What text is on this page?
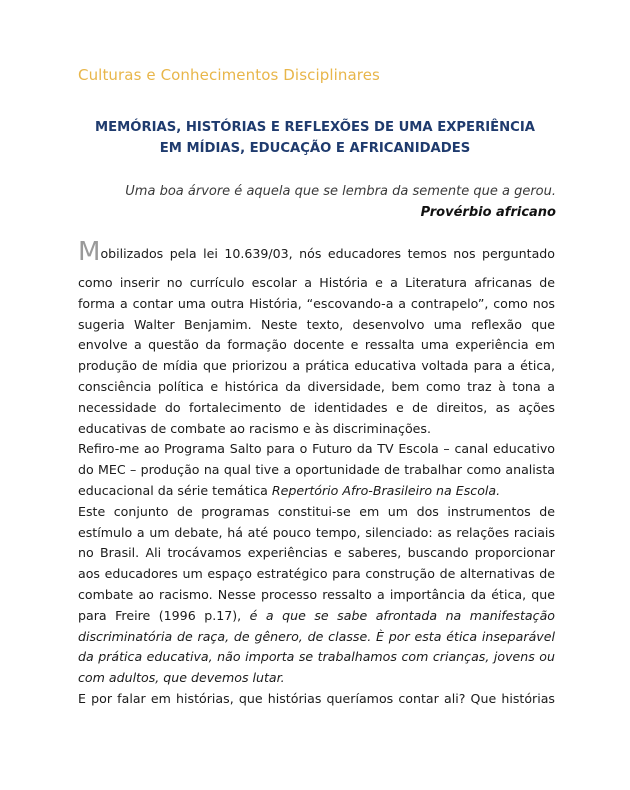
Culturas e Conhecimentos Disciplinares
MEMÓRIAS, HISTÓRIAS E REFLEXÕES DE UMA EXPERIÊNCIA
EM MÍDIAS, EDUCAÇÃO E AFRICANIDADES
Uma boa árvore é aquela que se lembra da semente que a gerou.
Provérbio africano
Mobilizados pela lei 10.639/03, nós educadores temos nos perguntado
como inserir no currículo escolar a História e a Literatura africanas de
forma a contar uma outra História, “escovando-a a contrapelo”, como nos
sugeria Walter Benjamim. Neste texto, desenvolvo uma reflexão que
envolve a questão da formação docente e ressalta uma experiência em
produção de mídia que priorizou a prática educativa voltada para a ética,
consciência política e histórica da diversidade, bem como traz à tona a
necessidade do fortalecimento de identidades e de direitos, as ações
educativas de combate ao racismo e às discriminações.
Refiro-me ao Programa Salto para o Futuro da TV Escola – canal educativo
do MEC – produção na qual tive a oportunidade de trabalhar como analista
educacional da série temática Repertório Afro-Brasileiro na Escola.
Este conjunto de programas constitui-se em um dos instrumentos de
estímulo a um debate, há até pouco tempo, silenciado: as relações raciais
no Brasil. Ali trocávamos experiências e saberes, buscando proporcionar
aos educadores um espaço estratégico para construção de alternativas de
combate ao racismo. Nesse processo ressalto a importância da ética, que
para Freire (1996 p.17), é a que se sabe afrontada na manifestação
discriminatória de raça, de gênero, de classe. È por esta ética inseparável
da prática educativa, não importa se trabalhamos com crianças, jovens ou
com adultos, que devemos lutar.
E por falar em histórias, que histórias queríamos contar ali? Que histórias
